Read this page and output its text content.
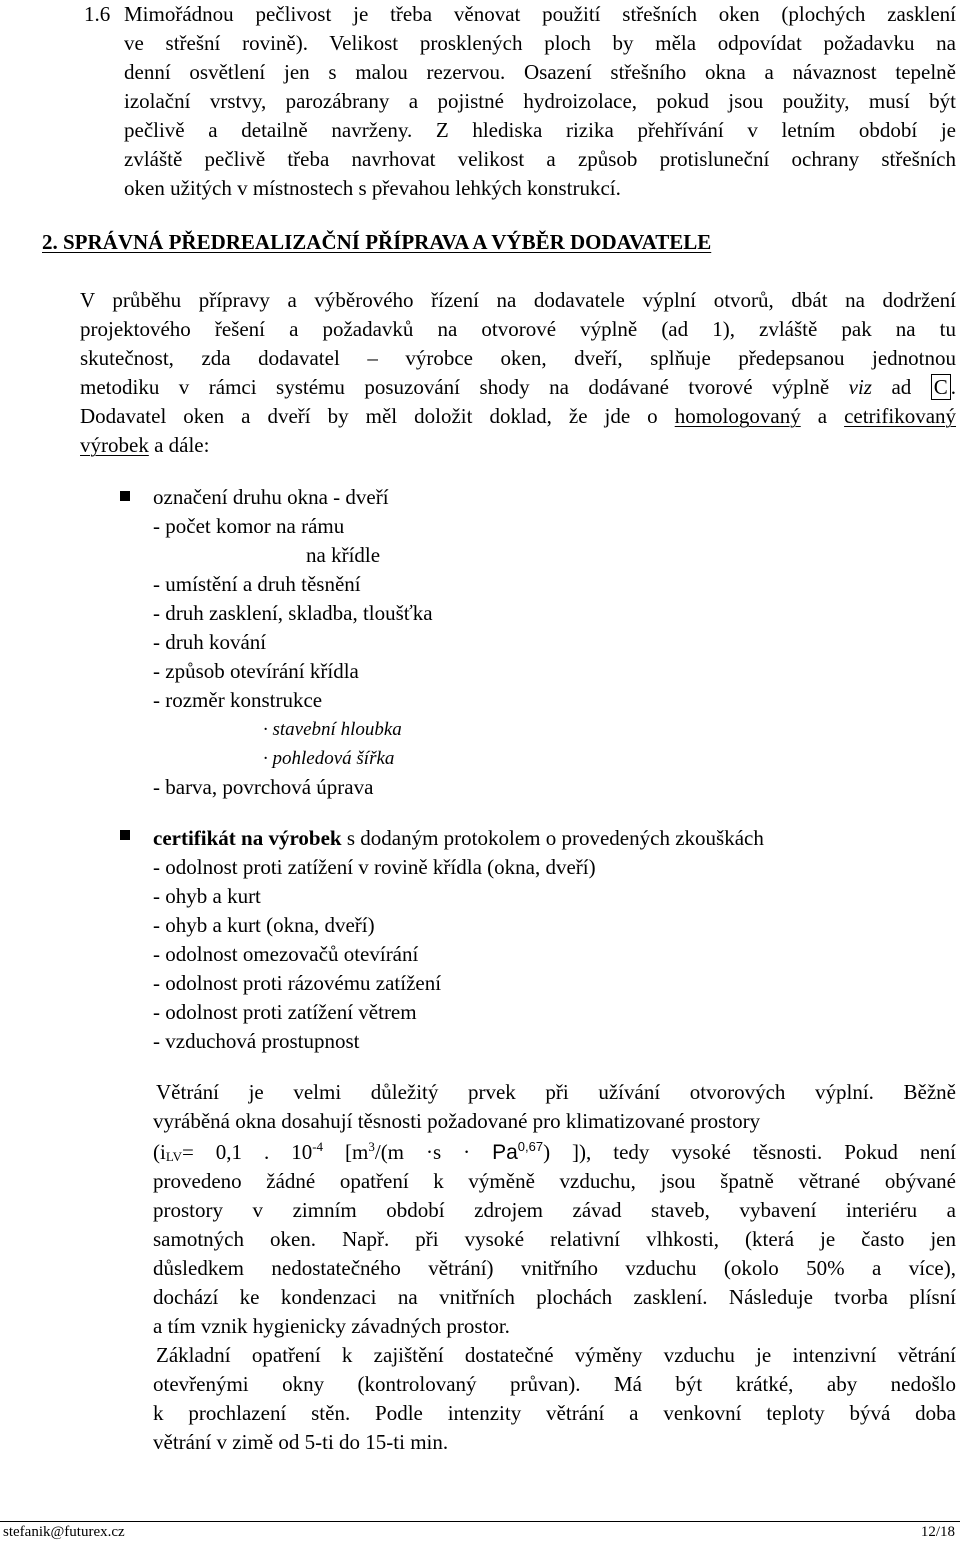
1.6 Mimořádnou pečlivost je třeba věnovat použití střešních oken (plochých zasklení
ve střešní rovině). Velikost prosklených ploch by měla odpovídat požadavku na
denní osvětlení jen s malou rezervou. Osazení střešního okna a návaznost tepelně
izolační vrstvy, parozábrany a pojistné hydroizolace, pokud jsou použity, musí být
pečlivě a detailně navrženy. Z hlediska rizika přehřívání v letním období je
zvláště pečlivě třeba navrhovat velikost a způsob protisluneční ochrany střešních
oken užitých v místnostech s převahou lehkých konstrukcí.
2. SPRÁVNÁ PŘEDREALIZAČNÍ PŘÍPRAVA A VÝBĚR DODAVATELE
V průběhu přípravy a výběrového řízení na dodavatele výplní otvorů, dbát na dodržení
projektového řešení a požadavků na otvorové výplně (ad 1), zvláště pak na tu
skutečnost, zda dodavatel – výrobce oken, dveří, splňuje předepsanou jednotnou
metodiku v rámci systému posuzování shody na dodávané tvorové výplně viz ad C .
Dodavatel oken a dveří by měl doložit doklad, že jde o homologovaný a cetrifikovaný
výrobek a dále:
označení druhu okna - dveří
- počet komor na rámu
na křídle
- umístění a druh těsnění
- druh zasklení, skladba, tloušťka
- druh kování
- způsob otevírání křídla
- rozměr konstrukce
· stavební hloubka
· pohledová šířka
- barva, povrchová úprava
certifikát na výrobek s dodaným protokolem o provedených zkouškách
- odolnost proti zatížení v rovině křídla (okna, dveří)
- ohyb a kurt
- ohyb a kurt (okna, dveří)
- odolnost omezovačů otevírání
- odolnost proti rázovému zatížení
- odolnost proti zatížení větrem
- vzduchová prostupnost
Větrání je velmi důležitý prvek při užívání otvorových výplní. Běžně
vyráběná okna dosahují těsnosti požadované pro klimatizované prostory
($i_{LV}= 0,1$ . $10^{-4}$ [$m^3/(m \cdot s \cdot Pa^{0,67})$ ]), tedy vysoké těsnosti. Pokud není
provedeno žádné opatření k výměně vzduchu, jsou špatně větrané obývané
prostory v zimním období zdrojem závad staveb, vybavení interiéru a
samotných oken. Např. při vysoké relativní vlhkosti, (která je často jen
důsledkem nedostatečného větrání) vnitřního vzduchu (okolo 50% a více),
dochází ke kondenzaci na vnitřních plochách zasklení. Následuje tvorba plísní
a tím vznik hygienicky závadných prostor.
Základní opatření k zajištění dostatečné výměny vzduchu je intenzivní větrání
otevřenými okny (kontrolovaný průvan). Má být krátké, aby nedošlo
k prochlazení stěn. Podle intenzity větrání a venkovní teploty bývá doba
větrání v zimě od 5-ti do 15-ti min.
stefanik@futurex.cz	12/18
